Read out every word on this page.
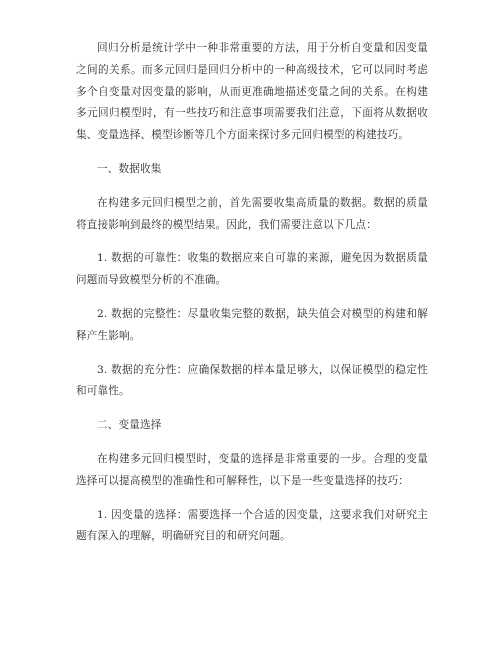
回归分析是统计学中一种非常重要的方法，用于分析自变量和因变量之间的关系。而多元回归是回归分析中的一种高级技术，它可以同时考虑多个自变量对因变量的影响，从而更准确地描述变量之间的关系。在构建多元回归模型时，有一些技巧和注意事项需要我们注意，下面将从数据收集、变量选择、模型诊断等几个方面来探讨多元回归模型的构建技巧。

一、数据收集

在构建多元回归模型之前，首先需要收集高质量的数据。数据的质量将直接影响到最终的模型结果。因此，我们需要注意以下几点：

1. 数据的可靠性：收集的数据应来自可靠的来源，避免因为数据质量问题而导致模型分析的不准确。

2. 数据的完整性：尽量收集完整的数据，缺失值会对模型的构建和解释产生影响。

3. 数据的充分性：应确保数据的样本量足够大，以保证模型的稳定性和可靠性。

二、变量选择

在构建多元回归模型时，变量的选择是非常重要的一步。合理的变量选择可以提高模型的准确性和可解释性，以下是一些变量选择的技巧：

1. 因变量的选择：需要选择一个合适的因变量，这要求我们对研究主题有深入的理解，明确研究目的和研究问题。
